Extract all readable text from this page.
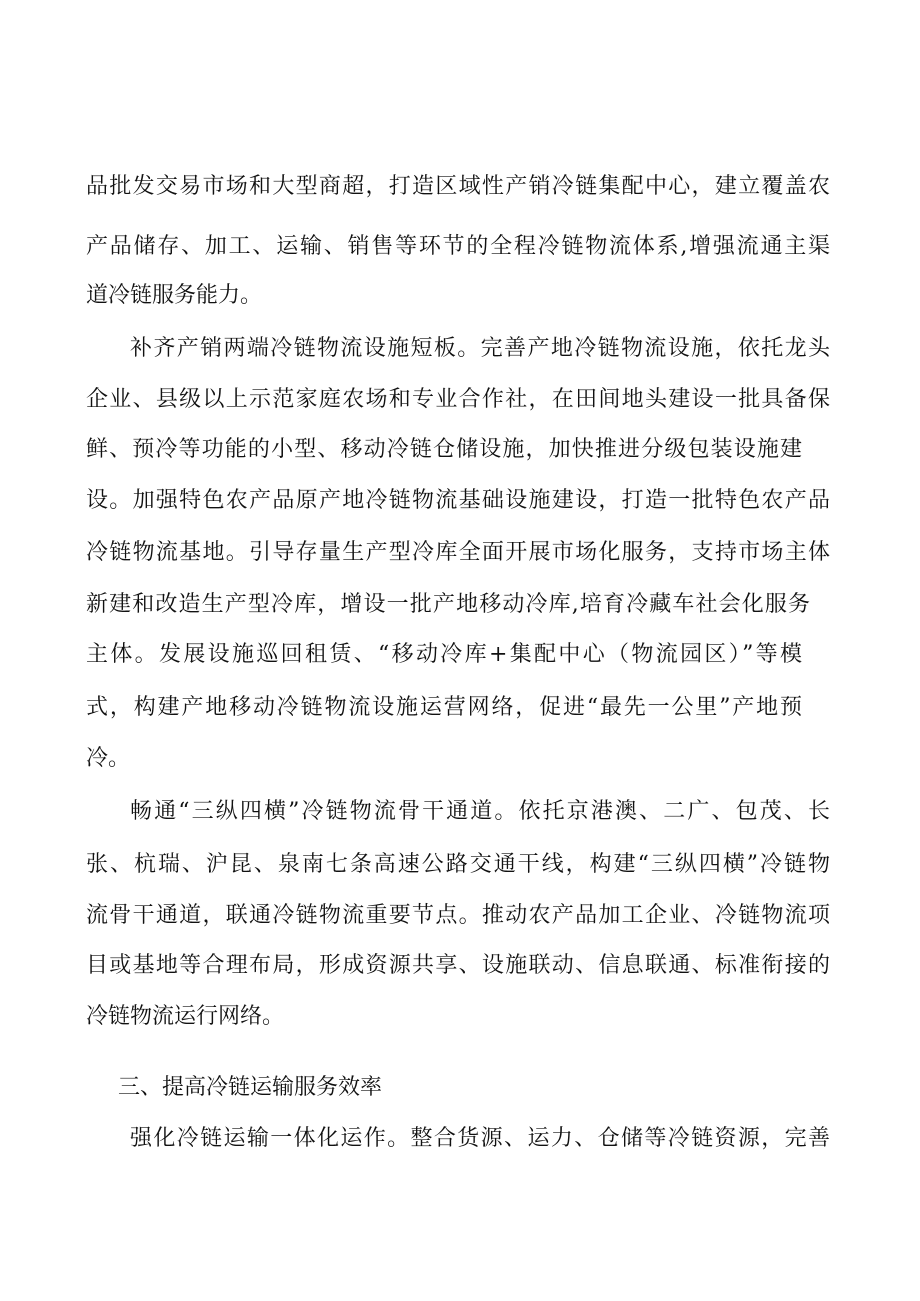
品批发交易市场和大型商超，打造区域性产销冷链集配中心，建立覆盖农
产品储存、加工、运输、销售等环节的全程冷链物流体系,增强流通主渠
道冷链服务能力。
补齐产销两端冷链物流设施短板。完善产地冷链物流设施，依托龙头
企业、县级以上示范家庭农场和专业合作社，在田间地头建设一批具备保
鲜、预冷等功能的小型、移动冷链仓储设施，加快推进分级包装设施建
设。加强特色农产品原产地冷链物流基础设施建设，打造一批特色农产品
冷链物流基地。引导存量生产型冷库全面开展市场化服务，支持市场主体
新建和改造生产型冷库，增设一批产地移动冷库,培育冷藏车社会化服务
主体。发展设施巡回租赁、“移动冷库+集配中心（物流园区）”等模
式，构建产地移动冷链物流设施运营网络，促进“最先一公里”产地预
冷。
畅通“三纵四横”冷链物流骨干通道。依托京港澳、二广、包茂、长
张、杭瑞、沪昆、泉南七条高速公路交通干线，构建“三纵四横”冷链物
流骨干通道，联通冷链物流重要节点。推动农产品加工企业、冷链物流项
目或基地等合理布局，形成资源共享、设施联动、信息联通、标准衔接的
冷链物流运行网络。
三、提高冷链运输服务效率
强化冷链运输一体化运作。整合货源、运力、仓储等冷链资源，完善
